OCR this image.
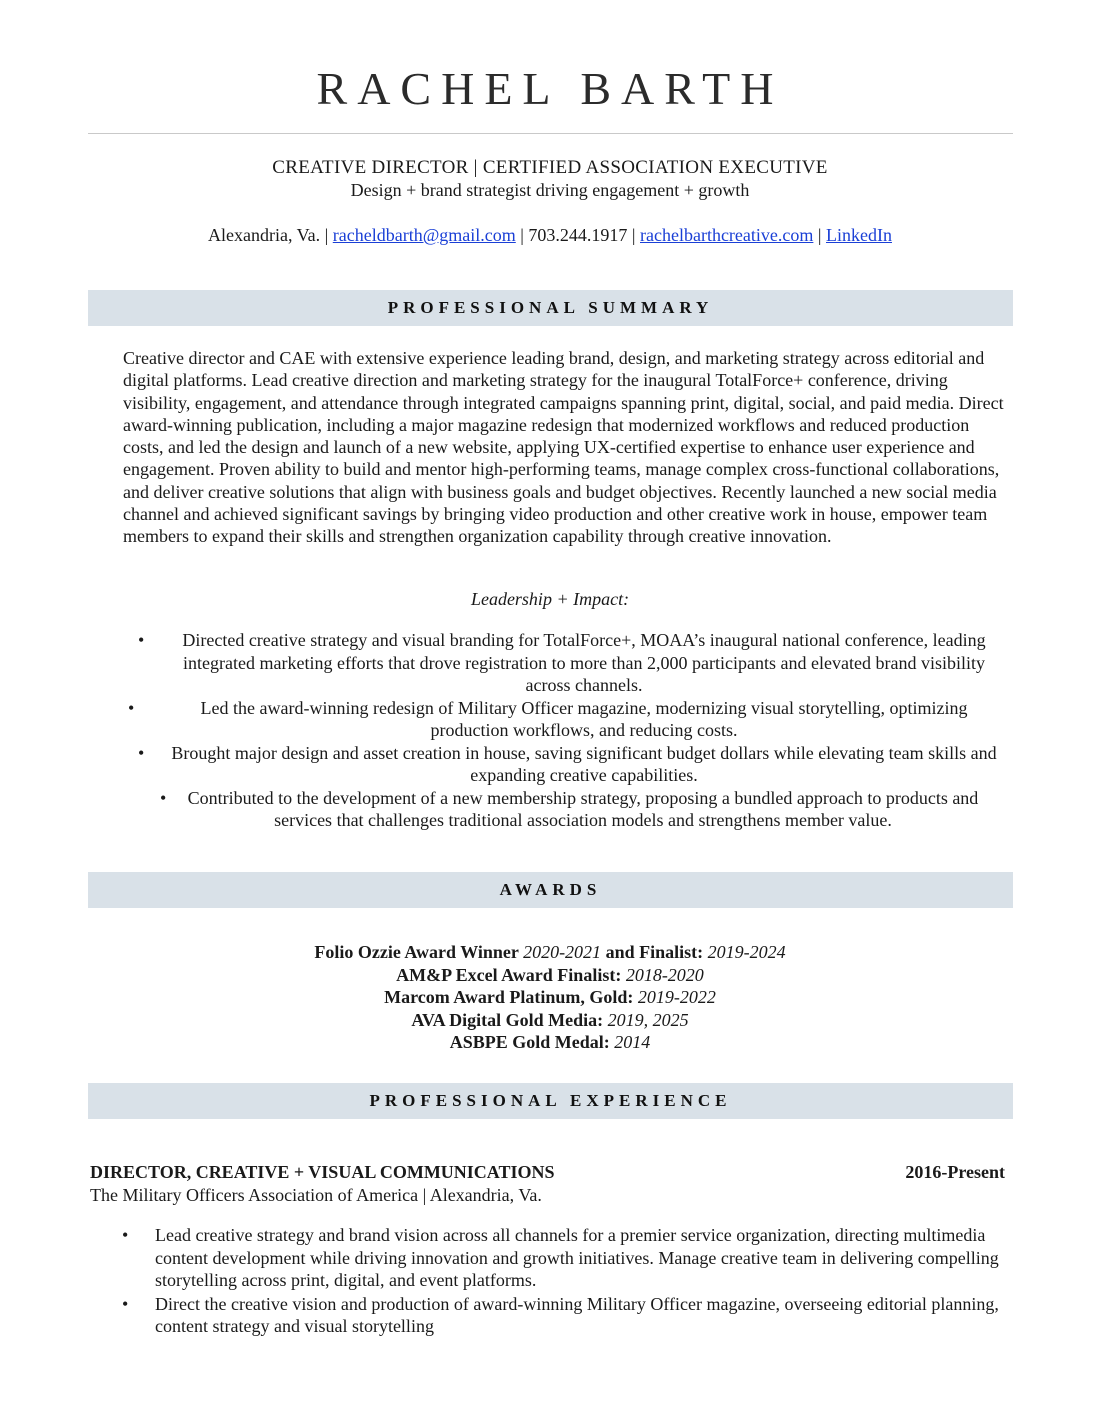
RACHEL BARTH
CREATIVE DIRECTOR | CERTIFIED ASSOCIATION EXECUTIVE
Design + brand strategist driving engagement + growth
Alexandria, Va. | racheldbarth@gmail.com | 703.244.1917 | rachelbarthcreative.com | LinkedIn
PROFESSIONAL SUMMARY

Creative director and CAE with extensive experience leading brand, design, and marketing strategy across editorial and digital platforms. Lead creative direction and marketing strategy for the inaugural TotalForce+ conference, driving visibility, engagement, and attendance through integrated campaigns spanning print, digital, social, and paid media. Direct award-winning publication, including a major magazine redesign that modernized workflows and reduced production costs, and led the design and launch of a new website, applying UX-certified expertise to enhance user experience and engagement. Proven ability to build and mentor high-performing teams, manage complex cross-functional collaborations, and deliver creative solutions that align with business goals and budget objectives. Recently launched a new social media channel and achieved significant savings by bringing video production and other creative work in house, empower team members to expand their skills and strengthen organization capability through creative innovation.

Leadership + Impact:
• Directed creative strategy and visual branding for TotalForce+, MOAA’s inaugural national conference, leading integrated marketing efforts that drove registration to more than 2,000 participants and elevated brand visibility across channels.
•	Led the award-winning redesign of Military Officer magazine, modernizing visual storytelling, optimizing production workflows, and reducing costs.
• Brought major design and asset creation in house, saving significant budget dollars while elevating team skills and expanding creative capabilities.
• Contributed to the development of a new membership strategy, proposing a bundled approach to products and services that challenges traditional association models and strengthens member value.
AWARDS
Folio Ozzie Award Winner 2020-2021 and Finalist: 2019-2024
AM&P Excel Award Finalist: 2018-2020
Marcom Award Platinum, Gold: 2019-2022
AVA Digital Gold Media: 2019, 2025
ASBPE Gold Medal: 2014
PROFESSIONAL EXPERIENCE
DIRECTOR, CREATIVE + VISUAL COMMUNICATIONS	2016-Present
The Military Officers Association of America | Alexandria, Va.
• Lead creative strategy and brand vision across all channels for a premier service organization, directing multimedia content development while driving innovation and growth initiatives. Manage creative team in delivering compelling storytelling across print, digital, and event platforms.
• Direct the creative vision and production of award-winning Military Officer magazine, overseeing editorial planning, content strategy and visual storytelling
